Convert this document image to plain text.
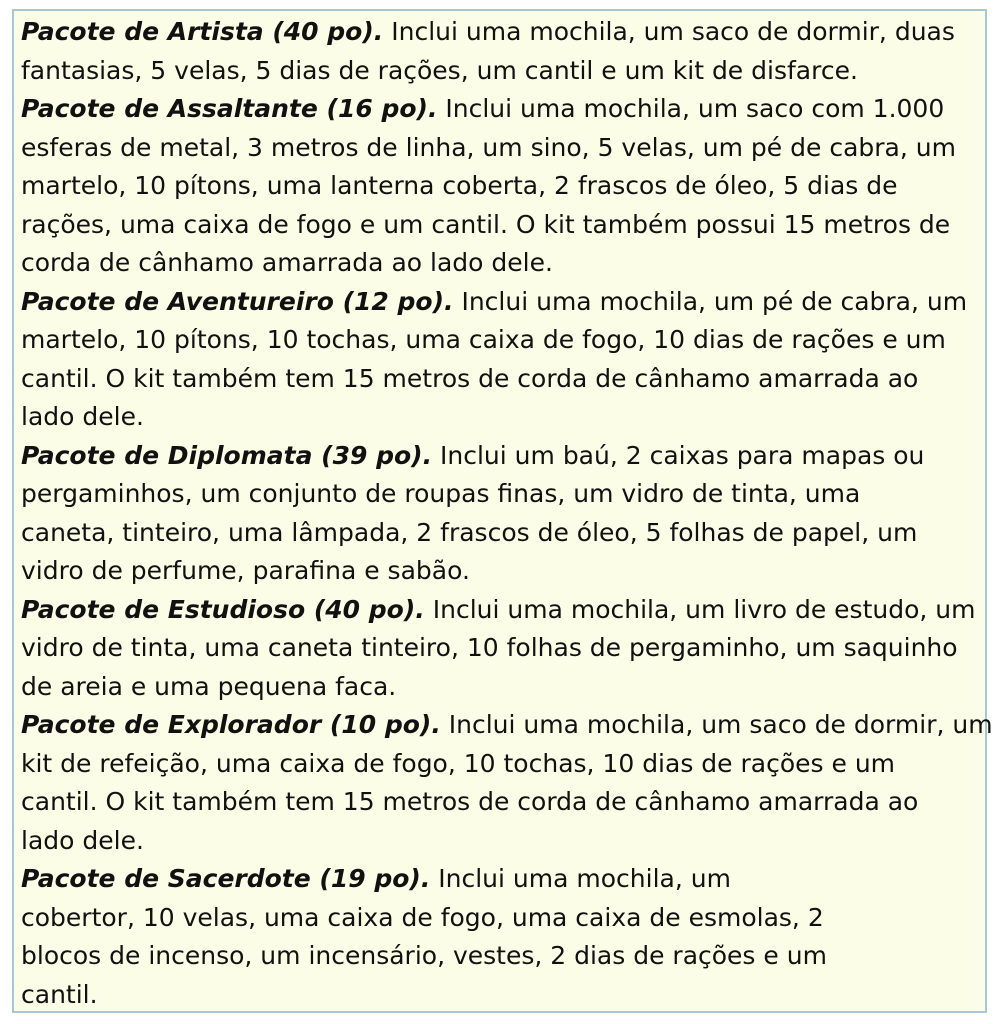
Pacote de Artista (40 po). Inclui uma mochila, um saco de dormir, duas
fantasias, 5 velas, 5 dias de rações, um cantil e um kit de disfarce.
Pacote de Assaltante (16 po). Inclui uma mochila, um saco com 1.000
esferas de metal, 3 metros de linha, um sino, 5 velas, um pé de cabra, um
martelo, 10 pítons, uma lanterna coberta, 2 frascos de óleo, 5 dias de
rações, uma caixa de fogo e um cantil. O kit também possui 15 metros de
corda de cânhamo amarrada ao lado dele.
Pacote de Aventureiro (12 po). Inclui uma mochila, um pé de cabra, um
martelo, 10 pítons, 10 tochas, uma caixa de fogo, 10 dias de rações e um
cantil. O kit também tem 15 metros de corda de cânhamo amarrada ao
lado dele.
Pacote de Diplomata (39 po). Inclui um baú, 2 caixas para mapas ou
pergaminhos, um conjunto de roupas finas, um vidro de tinta, uma
caneta, tinteiro, uma lâmpada, 2 frascos de óleo, 5 folhas de papel, um
vidro de perfume, parafina e sabão.
Pacote de Estudioso (40 po). Inclui uma mochila, um livro de estudo, um
vidro de tinta, uma caneta tinteiro, 10 folhas de pergaminho, um saquinho
de areia e uma pequena faca.
Pacote de Explorador (10 po). Inclui uma mochila, um saco de dormir, um
kit de refeição, uma caixa de fogo, 10 tochas, 10 dias de rações e um
cantil. O kit também tem 15 metros de corda de cânhamo amarrada ao
lado dele.
Pacote de Sacerdote (19 po). Inclui uma mochila, um
cobertor, 10 velas, uma caixa de fogo, uma caixa de esmolas, 2
blocos de incenso, um incensário, vestes, 2 dias de rações e um
cantil.
